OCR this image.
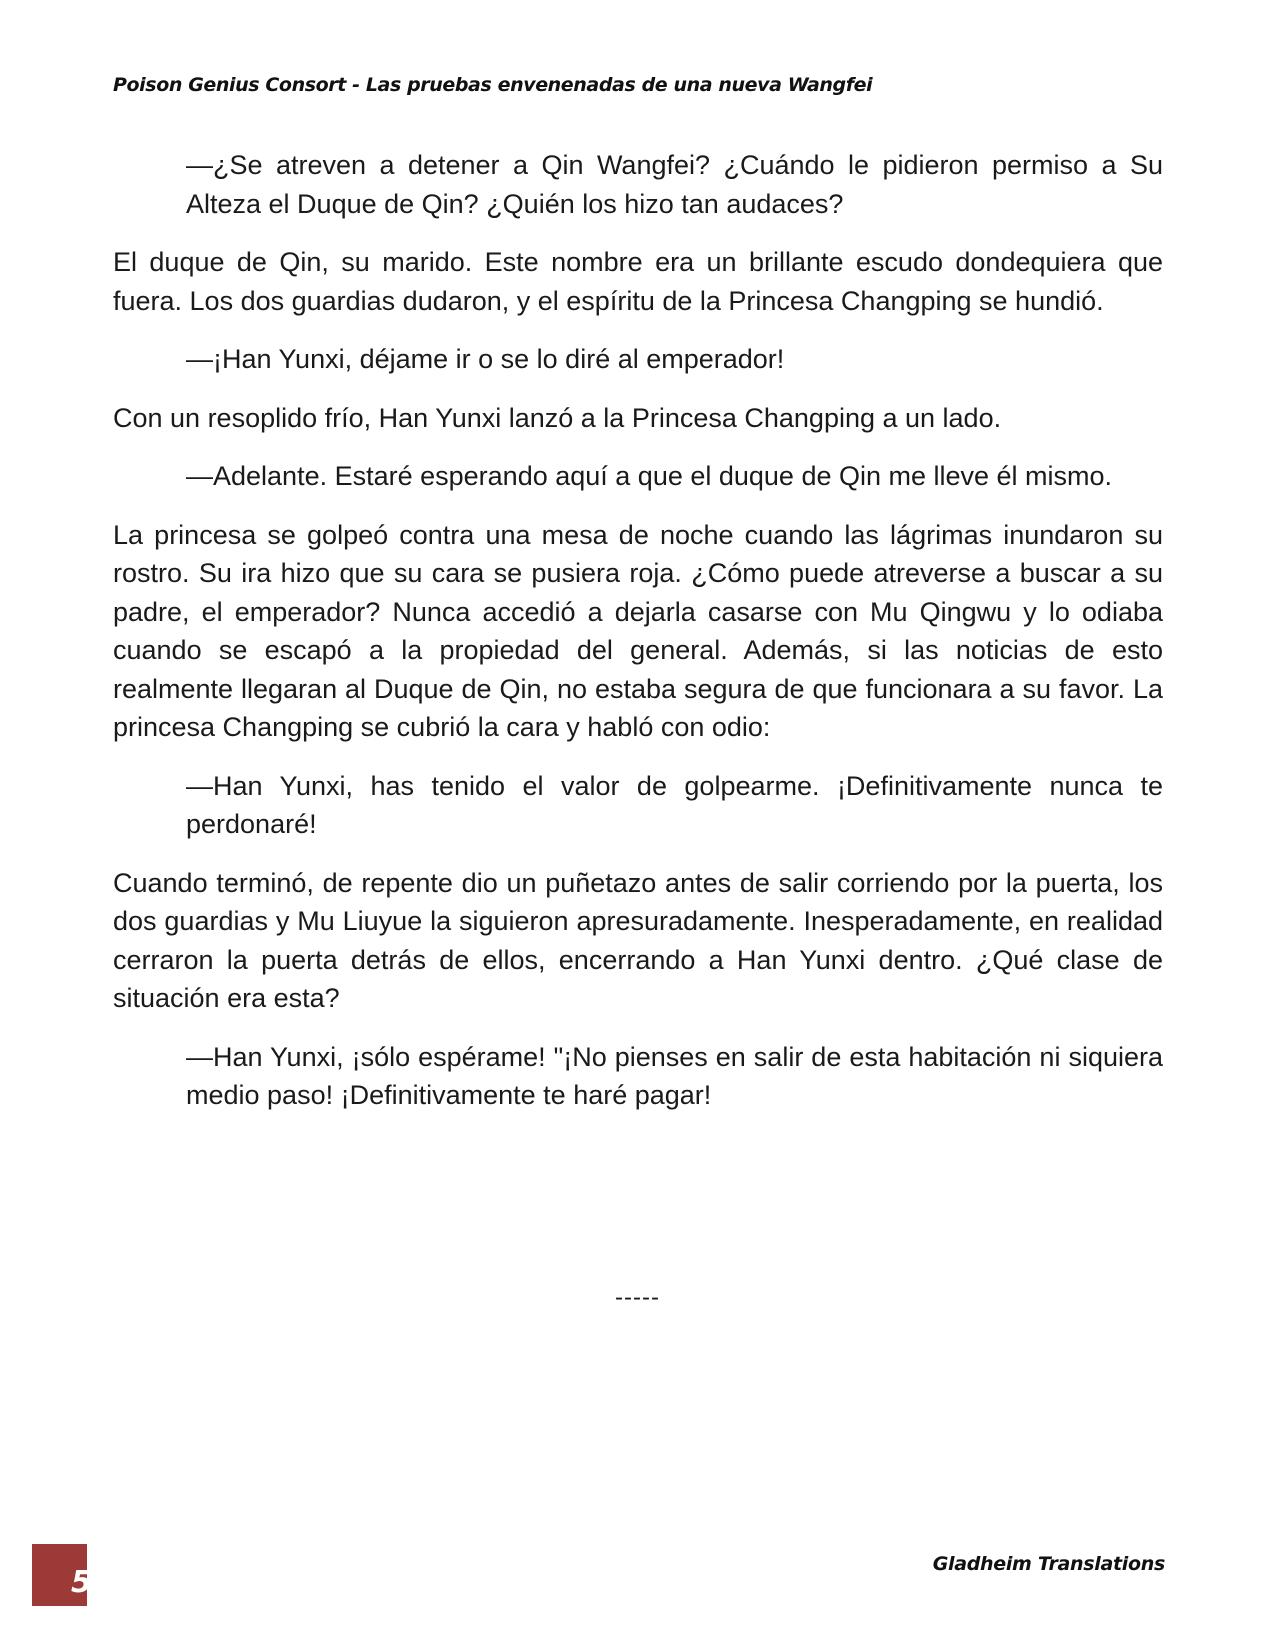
Poison Genius Consort - Las pruebas envenenadas de una nueva Wangfei

—¿Se atreven a detener a Qin Wangfei? ¿Cuándo le pidieron permiso a Su Alteza el Duque de Qin? ¿Quién los hizo tan audaces?

El duque de Qin, su marido. Este nombre era un brillante escudo dondequiera que fuera. Los dos guardias dudaron, y el espíritu de la Princesa Changping se hundió.

—¡Han Yunxi, déjame ir o se lo diré al emperador!

Con un resoplido frío, Han Yunxi lanzó a la Princesa Changping a un lado.

—Adelante. Estaré esperando aquí a que el duque de Qin me lleve él mismo.

La princesa se golpeó contra una mesa de noche cuando las lágrimas inundaron su rostro. Su ira hizo que su cara se pusiera roja. ¿Cómo puede atreverse a buscar a su padre, el emperador? Nunca accedió a dejarla casarse con Mu Qingwu y lo odiaba cuando se escapó a la propiedad del general. Además, si las noticias de esto realmente llegaran al Duque de Qin, no estaba segura de que funcionara a su favor. La princesa Changping se cubrió la cara y habló con odio:

—Han Yunxi, has tenido el valor de golpearme. ¡Definitivamente nunca te perdonaré!

Cuando terminó, de repente dio un puñetazo antes de salir corriendo por la puerta, los dos guardias y Mu Liuyue la siguieron apresuradamente. Inesperadamente, en realidad cerraron la puerta detrás de ellos, encerrando a Han Yunxi dentro. ¿Qué clase de situación era esta?

—Han Yunxi, ¡sólo espérame! "¡No pienses en salir de esta habitación ni siquiera medio paso! ¡Definitivamente te haré pagar!

-----
5
Gladheim Translations
